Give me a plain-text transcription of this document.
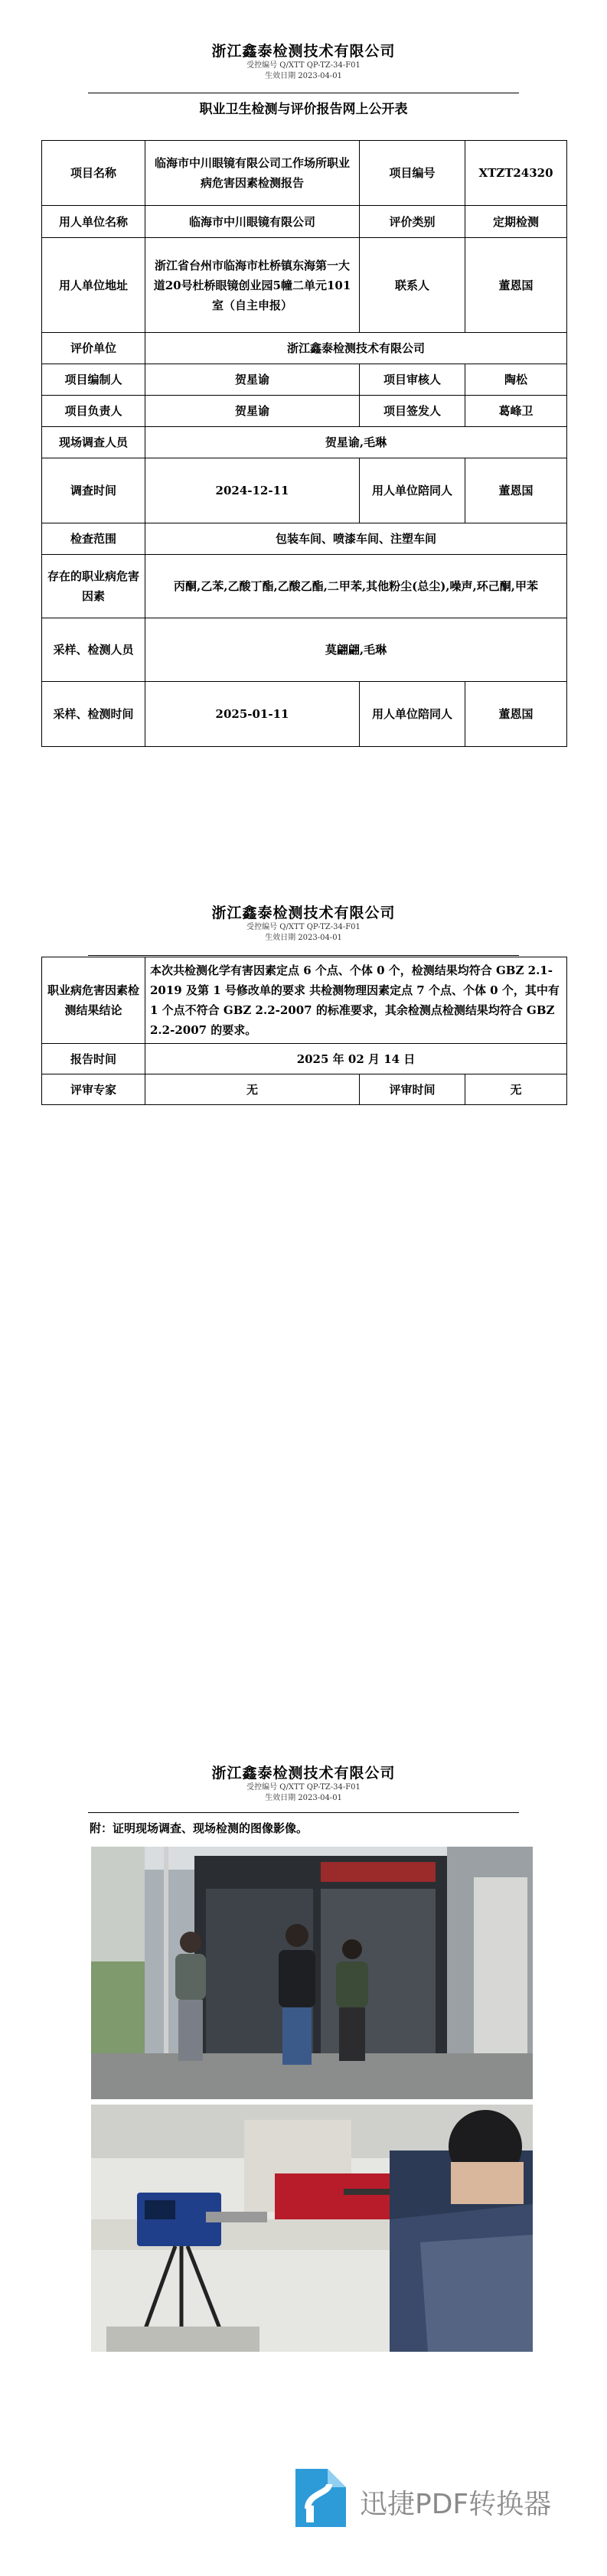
浙江鑫泰检测技术有限公司
受控编号 Q/XTT QP-TZ-34-F01
生效日期 2023-04-01
职业卫生检测与评价报告网上公开表
项目名称	临海市中川眼镜有限公司工作场所职业病危害因素检测报告	项目编号	XTZT24320
用人单位名称	临海市中川眼镜有限公司	评价类别	定期检测
用人单位地址	浙江省台州市临海市杜桥镇东海第一大道20号杜桥眼镜创业园5幢二单元101室（自主申报）	联系人	董恩国
评价单位	浙江鑫泰检测技术有限公司		
项目编制人	贺星谕	项目审核人	陶松
项目负责人	贺星谕	项目签发人	葛峰卫
现场调查人员	贺星谕,毛琳		
调查时间	2024-12-11	用人单位陪同人	董恩国
检查范围	包装车间、喷漆车间、注塑车间		
存在的职业病危害因素	丙酮,乙苯,乙酸丁酯,乙酸乙酯,二甲苯,其他粉尘(总尘),噪声,环己酮,甲苯		
采样、检测人员	莫翩翩,毛琳		
采样、检测时间	2025-01-11	用人单位陪同人	董恩国
浙江鑫泰检测技术有限公司
受控编号 Q/XTT QP-TZ-34-F01
生效日期 2023-04-01
职业病危害因素检测结果结论	本次共检测化学有害因素定点 6 个点、个体 0 个，检测结果均符合 GBZ 2.1-2019 及第 1 号修改单的要求 共检测物理因素定点 7 个点、个体 0 个，其中有 1 个点不符合 GBZ 2.2-2007 的标准要求，其余检测点检测结果均符合 GBZ 2.2-2007 的要求。		
报告时间	2025 年 02 月 14 日		
评审专家	无	评审时间	无
浙江鑫泰检测技术有限公司
受控编号 Q/XTT QP-TZ-34-F01
生效日期 2023-04-01
附：证明现场调查、现场检测的图像影像。
迅捷PDF转换器
